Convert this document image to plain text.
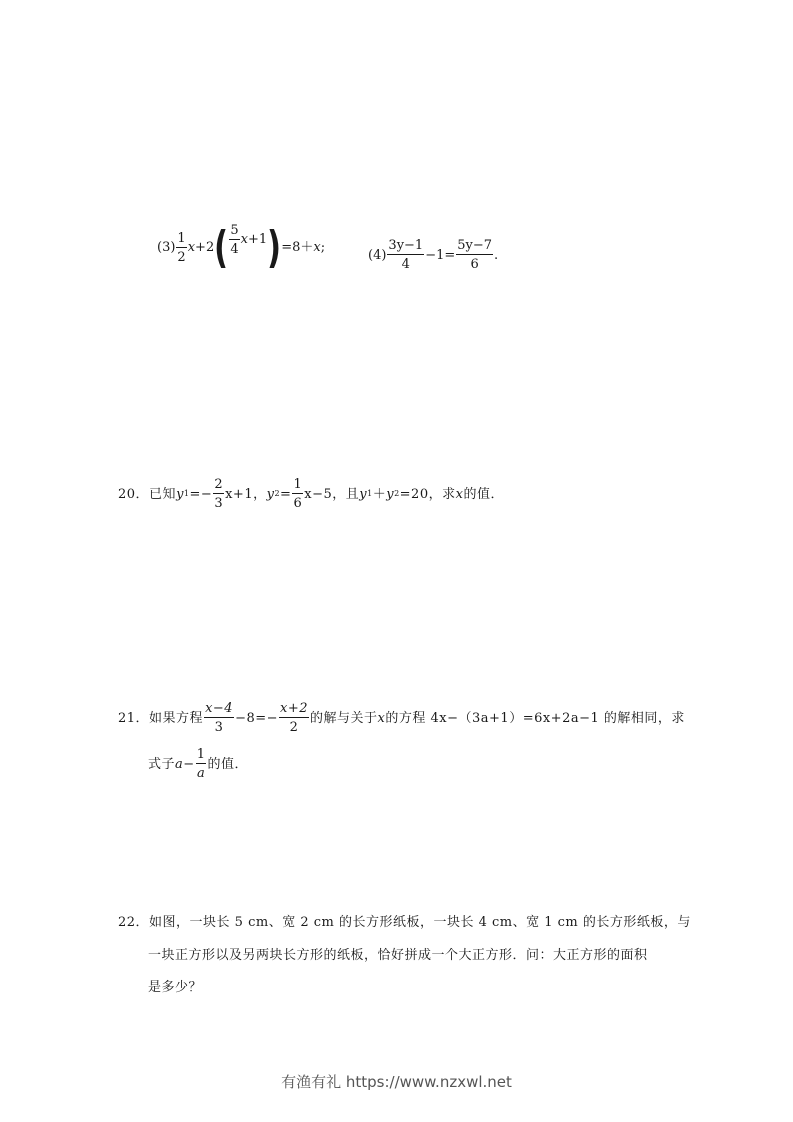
$(3) \frac{1}{2}$ x +2 ( $\frac{5}{4}$ x +1 ) =8＋ x ;	$(4) \frac{3y-1}{4} -1= \frac{5y-7}{6}$ .
20． 已知 y $1 =- \frac{2}{3} x+1$， y $2 = \frac{1}{6} x-5$，且 y 1 ＋ y 2 =20，求 x 的值．
21． 如果方程 $\frac{x-4}{3} -8=- \frac{x+2}{2}$ 的解与关于 x 的方程 4x−（3a+1）=6x+2a−1 的解相同，求
式子 $a - \frac{1}{a}$ 的值．
22． 如图，一块长 5 cm、宽 2 cm 的长方形纸板，一块长 4 cm、宽 1 cm 的长方形纸板，与
一块正方形以及另两块长方形的纸板，恰好拼成一个大正方形．问：大正方形的面积
是多少？
有渔有礼 https://www.nzxwl.net
